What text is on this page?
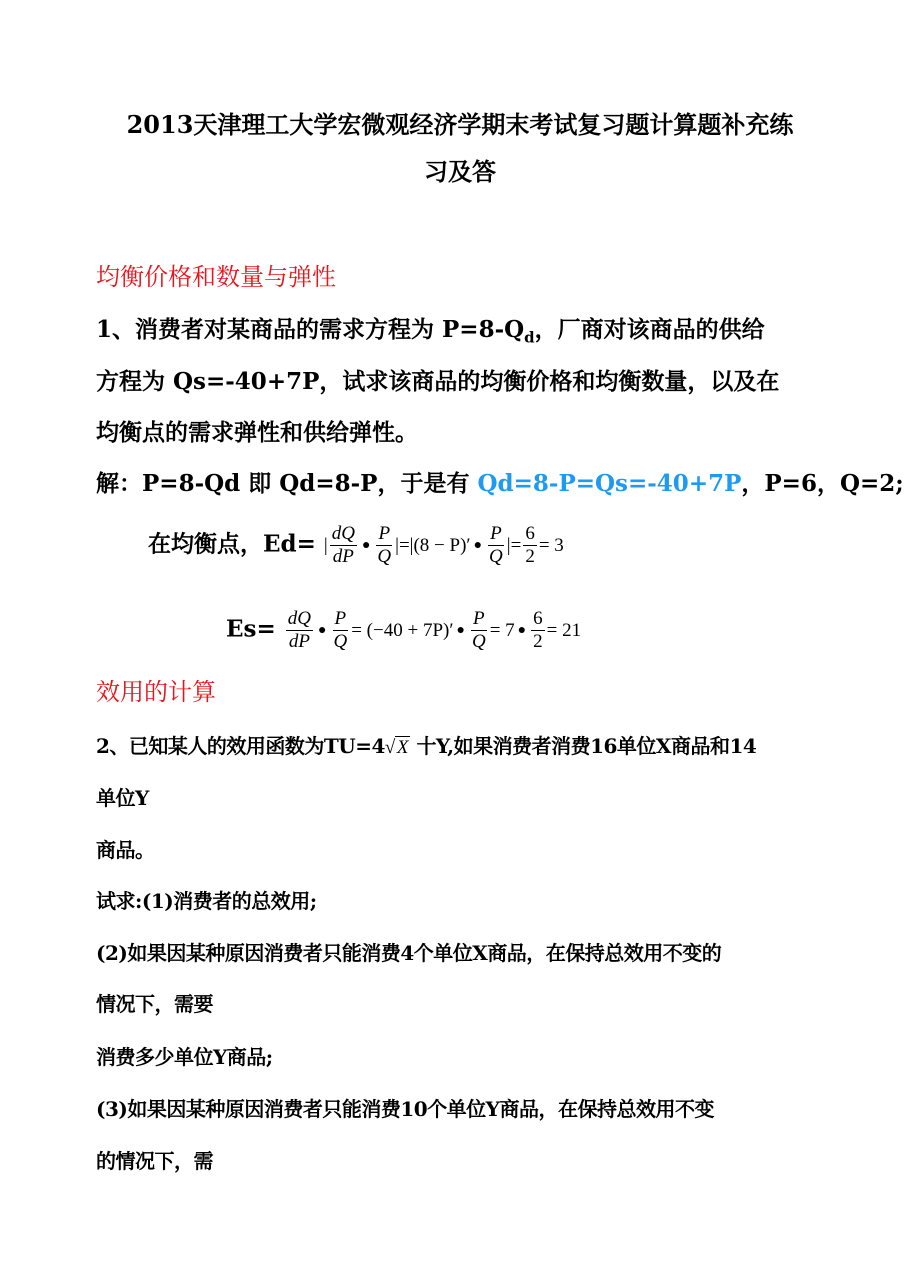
2013天津理工大学宏微观经济学期末考试复习题计算题补充练
习及答
均衡价格和数量与弹性
1、消费者对某商品的需求方程为 $P=8-Q_d$，厂商对该商品的供给
方程为 Qs=-40+7P，试求该商品的均衡价格和均衡数量，以及在
均衡点的需求弹性和供给弹性。
解：P=8-Qd 即 Qd=8-P，于是有 Qd=8-P=Qs=-40+7P，P=6，Q=2;
在均衡点，Ed= | $\frac{dQ}{dP}$ ● $\frac{P}{Q} |=|(8 - P)'$ ● $\frac{P}{Q}$ |= $\frac{6}{2} = 3$
$Es= \frac{dQ}{dP}$ ● $\frac{P}{Q} = (-40 + 7P)'$ ● $\frac{P}{Q} = 7$ ● $\frac{6}{2} = 21$
效用的计算
2、已知某人的效用函数为TU=4√ X 十Y,如果消费者消费16单位X商品和14
单位Y
商品。
试求:(1)消费者的总效用;
(2)如果因某种原因消费者只能消费4个单位X商品，在保持总效用不变的
情况下，需要
消费多少单位Y商品;
(3)如果因某种原因消费者只能消费10个单位Y商品，在保持总效用不变
的情况下，需
